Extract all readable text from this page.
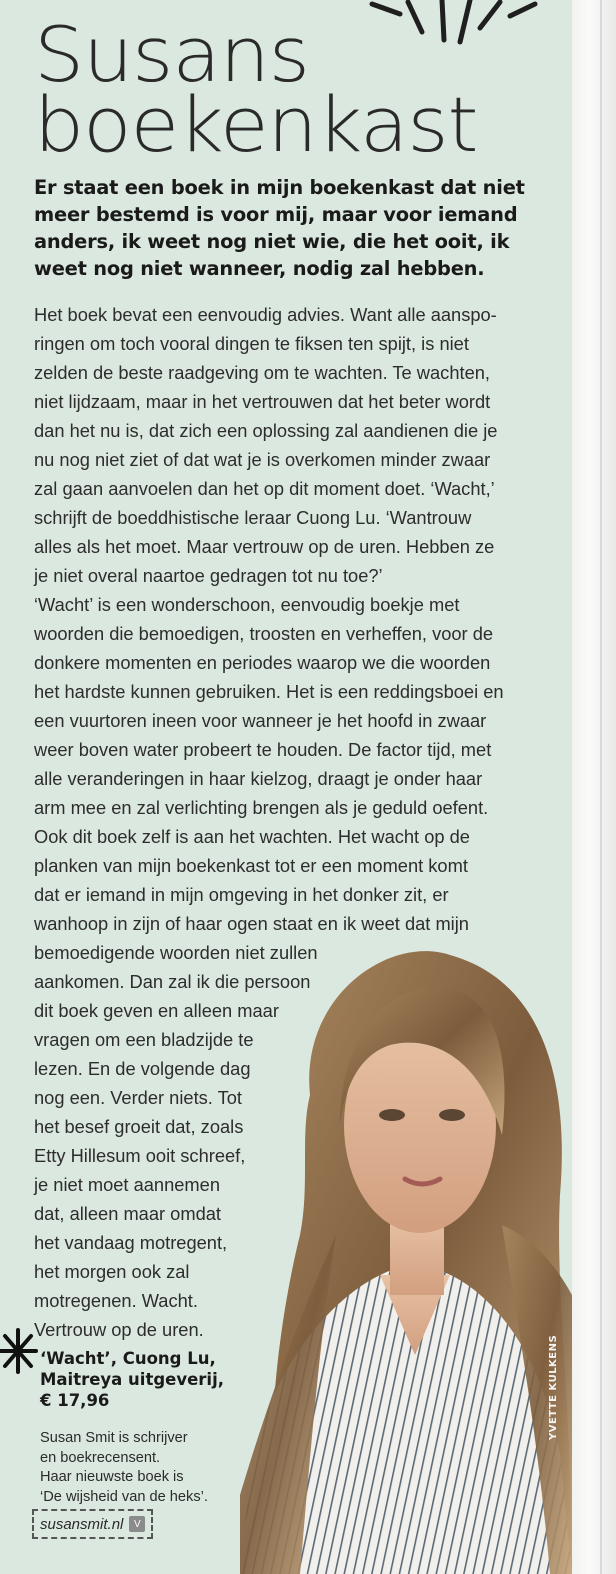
Susans
boekenkast
Er staat een boek in mijn boekenkast dat niet meer bestemd is voor mij, maar voor iemand anders, ik weet nog niet wie, die het ooit, ik weet nog niet wanneer, nodig zal hebben.

Het boek bevat een eenvoudig advies. Want alle aanspo-
ringen om toch vooral dingen te fiksen ten spijt, is niet
zelden de beste raadgeving om te wachten. Te wachten,
niet lijdzaam, maar in het vertrouwen dat het beter wordt
dan het nu is, dat zich een oplossing zal aandienen die je
nu nog niet ziet of dat wat je is overkomen minder zwaar
zal gaan aanvoelen dan het op dit moment doet. ‘Wacht,’
schrijft de boeddhistische leraar Cuong Lu. ‘Wantrouw
alles als het moet. Maar vertrouw op de uren. Hebben ze
je niet overal naartoe gedragen tot nu toe?’
‘Wacht’ is een wonderschoon, eenvoudig boekje met
woorden die bemoedigen, troosten en verheffen, voor de
donkere momenten en periodes waarop we die woorden
het hardste kunnen gebruiken. Het is een reddingsboei en
een vuurtoren ineen voor wanneer je het hoofd in zwaar
weer boven water probeert te houden. De factor tijd, met
alle veranderingen in haar kielzog, draagt je onder haar
arm mee en zal verlichting brengen als je geduld oefent.
Ook dit boek zelf is aan het wachten. Het wacht op de
planken van mijn boekenkast tot er een moment komt
dat er iemand in mijn omgeving in het donker zit, er
wanhoop in zijn of haar ogen staat en ik weet dat mijn
bemoedigende woorden niet zullen
aankomen. Dan zal ik die persoon
dit boek geven en alleen maar
vragen om een bladzijde te
lezen. En de volgende dag
nog een. Verder niets. Tot
het besef groeit dat, zoals
Etty Hillesum ooit schreef,
je niet moet aannemen
dat, alleen maar omdat
het vandaag motregent,
het morgen ook zal
motregenen. Wacht.
Vertrouw op de uren.

YVETTE KULKENS
‘Wacht’, Cuong Lu,
Maitreya uitgeverij,
€ 17,96
Susan Smit is schrijver
en boekrecensent.
Haar nieuwste boek is
‘De wijsheid van de heks’.
susansmit.nl	V
